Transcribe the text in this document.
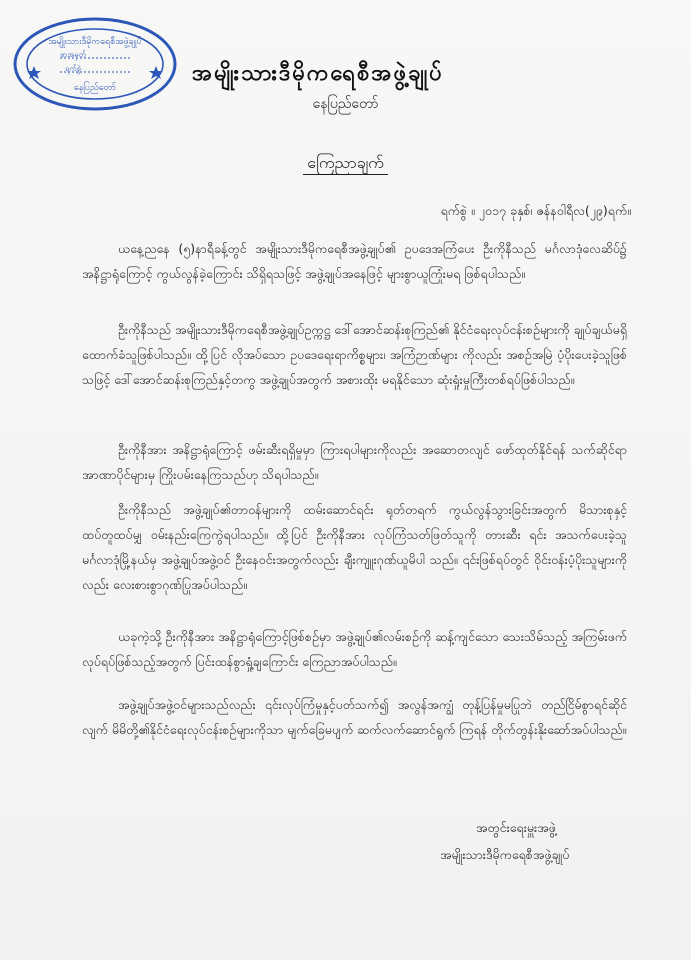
အမျိုးသားဒီမိုကရေစီအဖွဲ့ချုပ်
စာအမှတ်
ရက်စွဲ
နေပြည်တော်
အမျိုးသားဒီမိုကရေစီအဖွဲ့ချုပ်
နေပြည်တော်
ကြေညာချက်
ရက်စွဲ ။ ၂၀၁၇ ခုနှစ်၊ ဇန်နဝါရီလ(၂၉)ရက်။
ယနေ့ညနေ (၅)နာရီခန့်တွင် အမျိုးသားဒီမိုကရေစီအဖွဲ့ချုပ်၏ ဥပဒေအကြံပေး ဦးကိုနီသည် မင်္ဂလာဒုံလေဆိပ်၌ အနိဋ္ဌာရုံကြောင့် ကွယ်လွန်ခဲ့ကြောင်း သိရှိရသဖြင့် အဖွဲ့ချုပ်အနေဖြင့် များစွာယူကြုံးမရ ဖြစ်ရပါသည်။
ဦးကိုနီသည် အမျိုးသားဒီမိုကရေစီအဖွဲ့ချုပ်ဥက္ကဋ္ဌ ဒေါ်အောင်ဆန်းစုကြည်၏ နိုင်ငံရေးလုပ်ငန်းစဉ်များကို ချုပ်ချယ်မရှိ ထောက်ခံသူဖြစ်ပါသည်။ ထို့ပြင် လိုအပ်သော ဥပဒေရေးရာကိစ္စများ၊ အကြံဉာဏ်များ ကိုလည်း အစဉ်အမြဲ ပံ့ပိုးပေးခဲ့သူဖြစ်သဖြင့် ဒေါ်အောင်ဆန်းစုကြည်နှင့်တကွ အဖွဲ့ချုပ်အတွက် အစားထိုး မရနိုင်သော ဆုံးရှုံးမှုကြီးတစ်ရပ်ဖြစ်ပါသည်။
ဦးကိုနီအား အနိဋ္ဌာရုံကြောင့် ဖမ်းဆီးရရှိမှုမှာ ကြားရပါများကိုလည်း အဆောတလျင် ဖော်ထုတ်နိုင်ရန် သက်ဆိုင်ရာအာဏာပိုင်များမှ ကြိုးပမ်းနေကြသည်ဟု သိရပါသည်။
ဦးကိုနီသည် အဖွဲ့ချုပ်၏တာဝန်များကို ထမ်းဆောင်ရင်း ရုတ်တရက် ကွယ်လွန်သွားခြင်းအတွက် မိသားစုနှင့်ထပ်တူထပ်မျှ ဝမ်းနည်းကြေကွဲရပါသည်။ ထို့ပြင် ဦးကိုနီအား လုပ်ကြံသတ်ဖြတ်သူကို တားဆီး ရင်း အသက်ပေးခဲ့သူ မင်္ဂလာဒုံမြို့နယ်မှ အဖွဲ့ချုပ်အဖွဲ့ဝင် ဦးနေဝင်းအတွက်လည်း ချီးကျူးဂုဏ်ယူမိပါ သည်။ ၎င်းဖြစ်ရပ်တွင် ဝိုင်းဝန်းပံ့ပိုးသူများကိုလည်း လေးစားစွာဂုဏ်ပြုအပ်ပါသည်။
ယခုကဲ့သို့ ဦးကိုနီအား အနိဋ္ဌာရုံကြောင့်ဖြစ်စဉ်မှာ အဖွဲ့ချုပ်၏လမ်းစဉ်ကို ဆန့်ကျင်သော သေးသိမ်သည့် အကြမ်းဖက်လုပ်ရပ်ဖြစ်သည့်အတွက် ပြင်းထန်စွာရှုံ့ချကြောင်း ကြေညာအပ်ပါသည်။
အဖွဲ့ချုပ်အဖွဲ့ဝင်များသည်လည်း ၎င်းလုပ်ကြံမှုနှင့်ပတ်သက်၍ အလွန်အကျွံ တုန့်ပြန်မှုမပြုဘဲ တည်ငြိမ်စွာရင်ဆိုင်လျက် မိမိတို့၏နိုင်ငံရေးလုပ်ငန်းစဉ်များကိုသာ မျက်ခြေမပျက် ဆက်လက်ဆောင်ရွက် ကြရန် တိုက်တွန်းနိုးဆော်အပ်ပါသည်။
အတွင်းရေးမှူးအဖွဲ့
အမျိုးသားဒီမိုကရေစီအဖွဲ့ချုပ်
